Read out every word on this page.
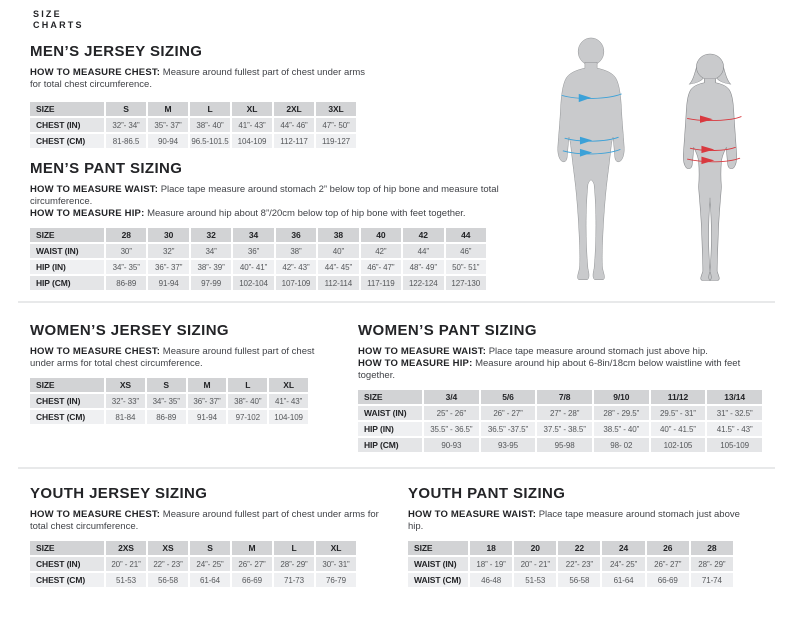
SIZE
CHARTS
MEN’S JERSEY SIZING
HOW TO MEASURE CHEST: Measure around fullest part of chest under arms for total chest circumference.
SIZE	S	M	L	XL	2XL	3XL
CHEST (IN)	32”- 34”	35”- 37”	38”- 40”	41”- 43”	44”- 46”	47”- 50”
CHEST (CM)	81-86.5	90-94	96.5-101.5	104-109	112-117	119-127
MEN’S PANT SIZING
HOW TO MEASURE WAIST: Place tape measure around stomach 2” below top of hip bone and measure total circumference.
HOW TO MEASURE HIP: Measure around hip about 8”/20cm below top of hip bone with feet together.
SIZE	28	30	32	34	36	38	40	42	44
WAIST (IN)	30”	32”	34”	36”	38”	40”	42”	44”	46”
HIP (IN)	34”- 35”	36”- 37”	38”- 39”	40”- 41”	42”- 43”	44”- 45”	46”- 47”	48”- 49”	50”- 51”
HIP (CM)	86-89	91-94	97-99	102-104	107-109	112-114	117-119	122-124	127-130
WOMEN’S JERSEY SIZING
HOW TO MEASURE CHEST: Measure around fullest part of chest under arms for total chest circumference.
SIZE	XS	S	M	L	XL
CHEST (IN)	32”- 33”	34”- 35”	36”- 37”	38”- 40”	41”- 43”
CHEST (CM)	81-84	86-89	91-94	97-102	104-109
WOMEN’S PANT SIZING
HOW TO MEASURE WAIST: Place tape measure around stomach just above hip.
HOW TO MEASURE HIP: Measure around hip about 6-8in/18cm below waistline with feet together.
SIZE	3/4	5/6	7/8	9/10	11/12	13/14
WAIST (IN)	25” - 26”	26” - 27”	27” - 28”	28” - 29.5”	29.5” - 31”	31” - 32.5”
HIP (IN)	35.5” - 36.5”	36.5” -37.5”	37.5” - 38.5”	38.5” - 40”	40” - 41.5”	41.5” - 43”
HIP (CM)	90-93	93-95	95-98	98- 02	102-105	105-109
YOUTH JERSEY SIZING
HOW TO MEASURE CHEST: Measure around fullest part of chest under arms for total chest circumference.
SIZE	2XS	XS	S	M	L	XL
CHEST (IN)	20” - 21”	22” - 23”	24”- 25”	26”- 27”	28”- 29”	30”- 31”
CHEST (CM)	51-53	56-58	61-64	66-69	71-73	76-79
YOUTH PANT SIZING
HOW TO MEASURE WAIST: Place tape measure around stomach just above hip.
SIZE	18	20	22	24	26	28
WAIST (IN)	18” - 19”	20” - 21”	22”- 23”	24”- 25”	26”- 27”	28”- 29”
WAIST (CM)	46-48	51-53	56-58	61-64	66-69	71-74
